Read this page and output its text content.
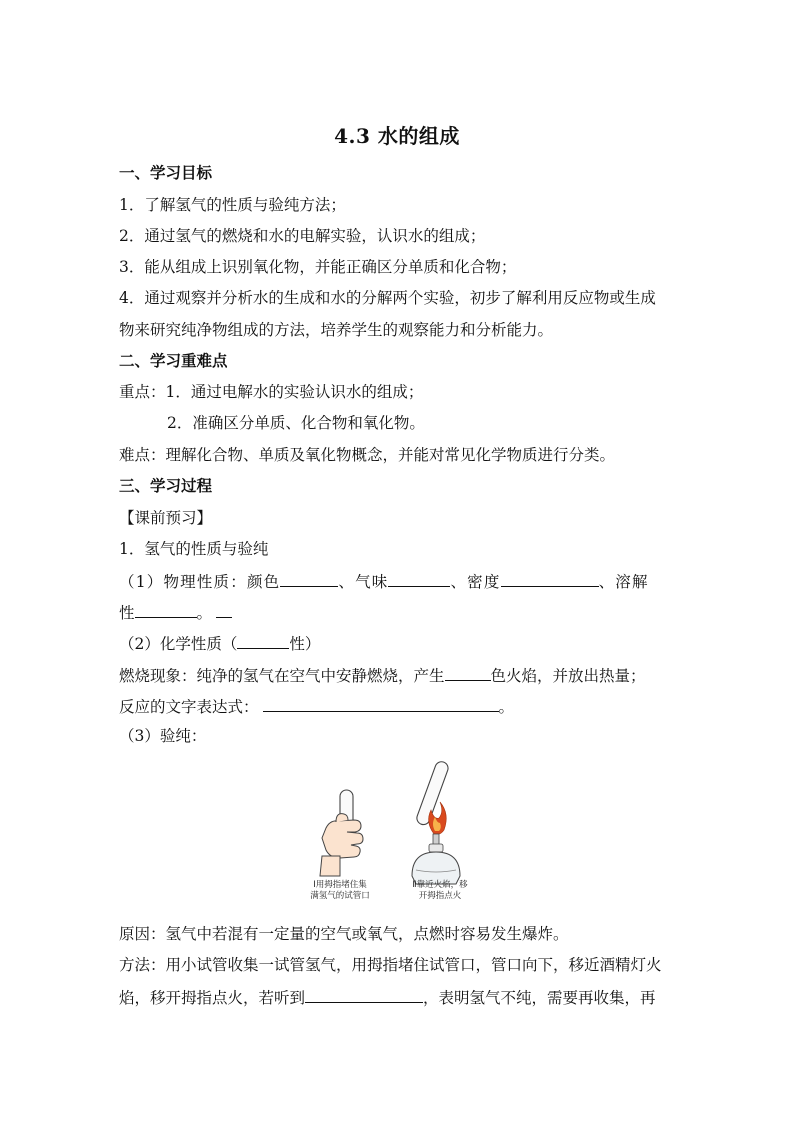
4.3 水的组成
一、学习目标
1．了解氢气的性质与验纯方法；
2．通过氢气的燃烧和水的电解实验，认识水的组成；
3．能从组成上识别氧化物，并能正确区分单质和化合物；
4．通过观察并分析水的生成和水的分解两个实验，初步了解利用反应物或生成
物来研究纯净物组成的方法，培养学生的观察能力和分析能力。
二、学习重难点
重点：1．通过电解水的实验认识水的组成；
2．准确区分单质、化合物和氧化物。
难点：理解化合物、单质及氧化物概念，并能对常见化学物质进行分类。
三、学习过程
【课前预习】
1．氢气的性质与验纯
（1）物理性质：颜色	、气味	、密度	、溶解
性	。
（2）化学性质（	性）
燃烧现象：纯净的氢气在空气中安静燃烧，产生	色火焰，并放出热量；
反应的文字表达式：	。
（3）验纯：
Ⅰ用拇指堵住集
满氢气的试管口
Ⅱ靠近火焰，移
开拇指点火
原因：氢气中若混有一定量的空气或氧气，点燃时容易发生爆炸。
方法：用小试管收集一试管氢气，用拇指堵住试管口，管口向下，移近酒精灯火
焰，移开拇指点火，若听到	，表明氢气不纯，需要再收集，再
